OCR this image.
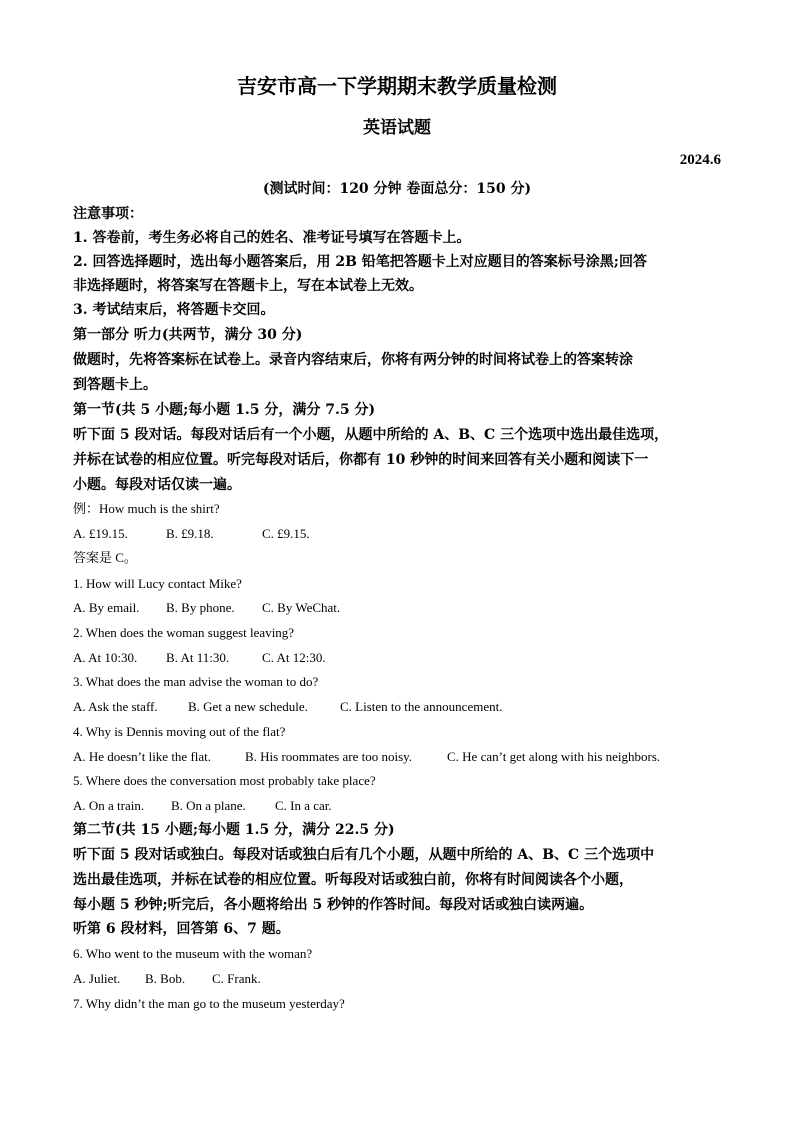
吉安市高一下学期期末教学质量检测
英语试题
2024.6
(测试时间：120 分钟 卷面总分：150 分)
注意事项：
1. 答卷前，考生务必将自己的姓名、准考证号填写在答题卡上。
2. 回答选择题时，选出每小题答案后，用 2B 铅笔把答题卡上对应题目的答案标号涂黑;回答
非选择题时，将答案写在答题卡上，写在本试卷上无效。
3. 考试结束后，将答题卡交回。
第一部分 听力(共两节，满分 30 分)
做题时，先将答案标在试卷上。录音内容结束后，你将有两分钟的时间将试卷上的答案转涂
到答题卡上。
第一节(共 5 小题;每小题 1.5 分，满分 7.5 分)
听下面 5 段对话。每段对话后有一个小题，从题中所给的 A、B、C 三个选项中选出最佳选项，
并标在试卷的相应位置。听完每段对话后，你都有 10 秒钟的时间来回答有关小题和阅读下一
小题。每段对话仅读一遍。
例：How much is the shirt?
A. £19.15.	B. £9.18.	C. £9.15.
答案是 C。
1. How will Lucy contact Mike?
A. By email. B. By phone. C. By WeChat.
2. When does the woman suggest leaving?
A. At 10:30. B. At 11:30.	C. At 12:30.
3. What does the man advise the woman to do?
A. Ask the staff. B. Get a new schedule. C. Listen to the announcement.
4. Why is Dennis moving out of the flat?
A. He doesn’t like the flat.	B. His roommates are too noisy.	C. He can’t get along with his neighbors.
5. Where does the conversation most probably take place?
A. On a train. B. On a plane. C. In a car.
第二节(共 15 小题;每小题 1.5 分，满分 22.5 分)
听下面 5 段对话或独白。每段对话或独白后有几个小题，从题中所给的 A、B、C 三个选项中
选出最佳选项，并标在试卷的相应位置。听每段对话或独白前，你将有时间阅读各个小题，
每小题 5 秒钟;听完后，各小题将给出 5 秒钟的作答时间。每段对话或独白读两遍。
听第 6 段材料，回答第 6、7 题。
6. Who went to the museum with the woman?
A. Juliet. B. Bob. C. Frank.
7. Why didn’t the man go to the museum yesterday?
